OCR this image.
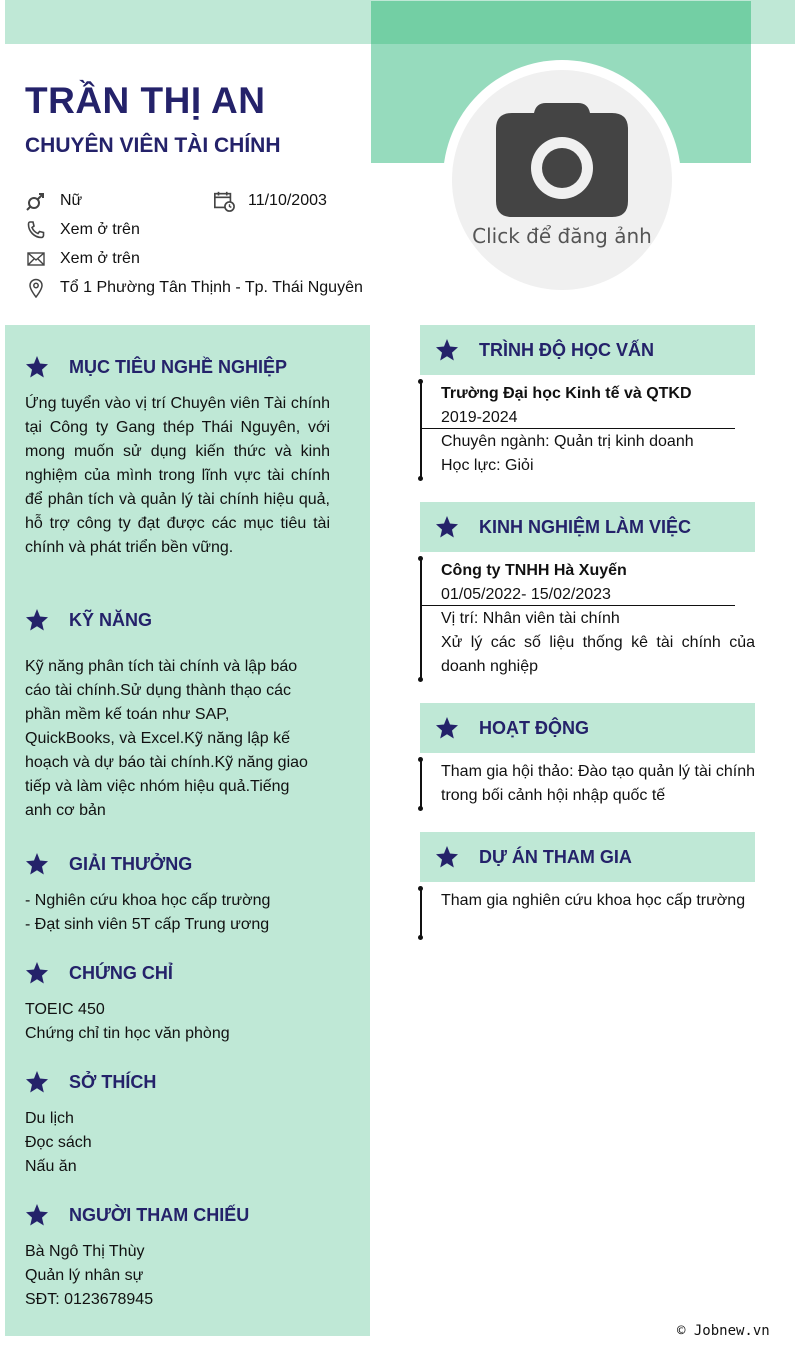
TRẦN THỊ AN
CHUYÊN VIÊN TÀI CHÍNH
Nữ	11/10/2003
Xem ở trên
Xem ở trên
Tổ 1 Phường Tân Thịnh - Tp. Thái Nguyên
Click để đăng ảnh
MỤC TIÊU NGHỀ NGHIỆP
Ứng tuyển vào vị trí Chuyên viên Tài chính tại Công ty Gang thép Thái Nguyên, với mong muốn sử dụng kiến thức và kinh nghiệm của mình trong lĩnh vực tài chính để phân tích và quản lý tài chính hiệu quả, hỗ trợ công ty đạt được các mục tiêu tài chính và phát triển bền vững.
KỸ NĂNG
Kỹ năng phân tích tài chính và lập báo
cáo tài chính.Sử dụng thành thạo các
phần mềm kế toán như SAP,
QuickBooks, và Excel.Kỹ năng lập kế
hoạch và dự báo tài chính.Kỹ năng giao
tiếp và làm việc nhóm hiệu quả.Tiếng
anh cơ bản
GIẢI THƯỞNG
- Nghiên cứu khoa học cấp trường
- Đạt sinh viên 5T cấp Trung ương
CHỨNG CHỈ
TOEIC 450
Chứng chỉ tin học văn phòng
SỞ THÍCH
Du lịch
Đọc sách
Nấu ăn
NGƯỜI THAM CHIẾU
Bà Ngô Thị Thùy
Quản lý nhân sự
SĐT: 0123678945
TRÌNH ĐỘ HỌC VẤN
Trường Đại học Kinh tế và QTKD
2019-2024
Chuyên ngành: Quản trị kinh doanh
Học lực: Giỏi
KINH NGHIỆM LÀM VIỆC
Công ty TNHH Hà Xuyến
01/05/2022- 15/02/2023
Vị trí: Nhân viên tài chính
Xử lý các số liệu thống kê tài chính của doanh nghiệp
HOẠT ĐỘNG
Tham gia hội thảo: Đào tạo quản lý tài chính trong bối cảnh hội nhập quốc tế
DỰ ÁN THAM GIA
Tham gia nghiên cứu khoa học cấp trường
© Jobnew.vn
